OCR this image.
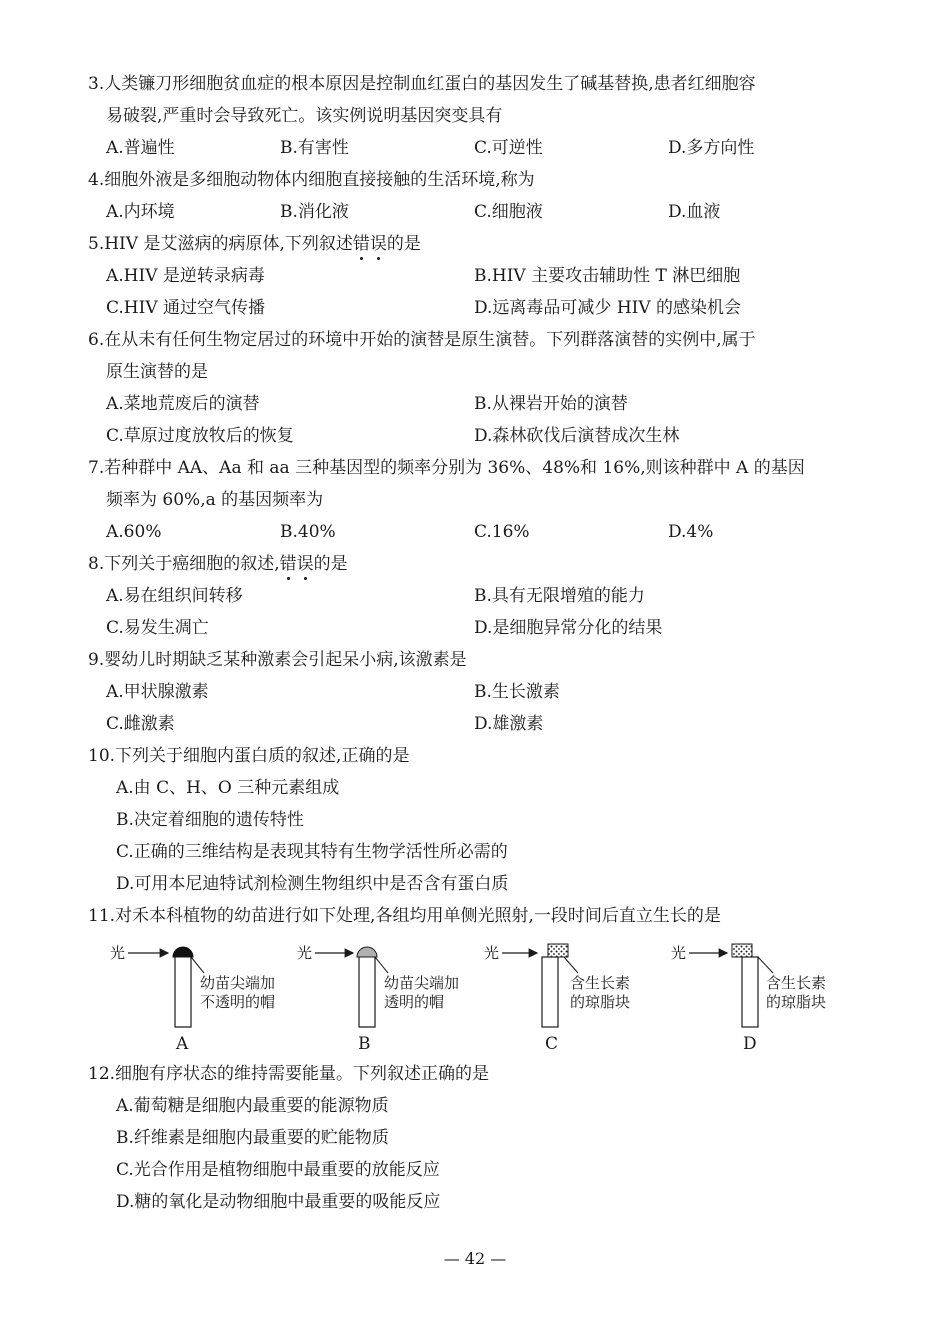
3.人类镰刀形细胞贫血症的根本原因是控制血红蛋白的基因发生了碱基替换,患者红细胞容
易破裂,严重时会导致死亡。该实例说明基因突变具有
A.普遍性	B.有害性	C.可逆性	D.多方向性
4.细胞外液是多细胞动物体内细胞直接接触的生活环境,称为
A.内环境	B.消化液	C.细胞液	D.血液
5.HIV 是艾滋病的病原体,下列叙述错误的是
A.HIV 是逆转录病毒	B.HIV 主要攻击辅助性 T 淋巴细胞
C.HIV 通过空气传播	D.远离毒品可减少 HIV 的感染机会
6.在从未有任何生物定居过的环境中开始的演替是原生演替。下列群落演替的实例中,属于
原生演替的是
A.菜地荒废后的演替	B.从裸岩开始的演替
C.草原过度放牧后的恢复	D.森林砍伐后演替成次生林
7.若种群中 AA、Aa 和 aa 三种基因型的频率分别为 36%、48%和 16%,则该种群中 A 的基因
频率为 60%,a 的基因频率为
A.60%	B.40%	C.16%	D.4%
8.下列关于癌细胞的叙述,错误的是
A.易在组织间转移	B.具有无限增殖的能力
C.易发生凋亡	D.是细胞异常分化的结果
9.婴幼儿时期缺乏某种激素会引起呆小病,该激素是
A.甲状腺激素	B.生长激素
C.雌激素	D.雄激素
10.下列关于细胞内蛋白质的叙述,正确的是
A.由 C、H、O 三种元素组成
B.决定着细胞的遗传特性
C.正确的三维结构是表现其特有生物学活性所必需的
D.可用本尼迪特试剂检测生物组织中是否含有蛋白质
11.对禾本科植物的幼苗进行如下处理,各组均用单侧光照射,一段时间后直立生长的是
光
幼苗尖端加
不透明的帽
A
光
幼苗尖端加
透明的帽
B
光
含生长素
的琼脂块
C
光
含生长素
的琼脂块
D
12.细胞有序状态的维持需要能量。下列叙述正确的是
A.葡萄糖是细胞内最重要的能源物质
B.纤维素是细胞内最重要的贮能物质
C.光合作用是植物细胞中最重要的放能反应
D.糖的氧化是动物细胞中最重要的吸能反应
— 42 —
